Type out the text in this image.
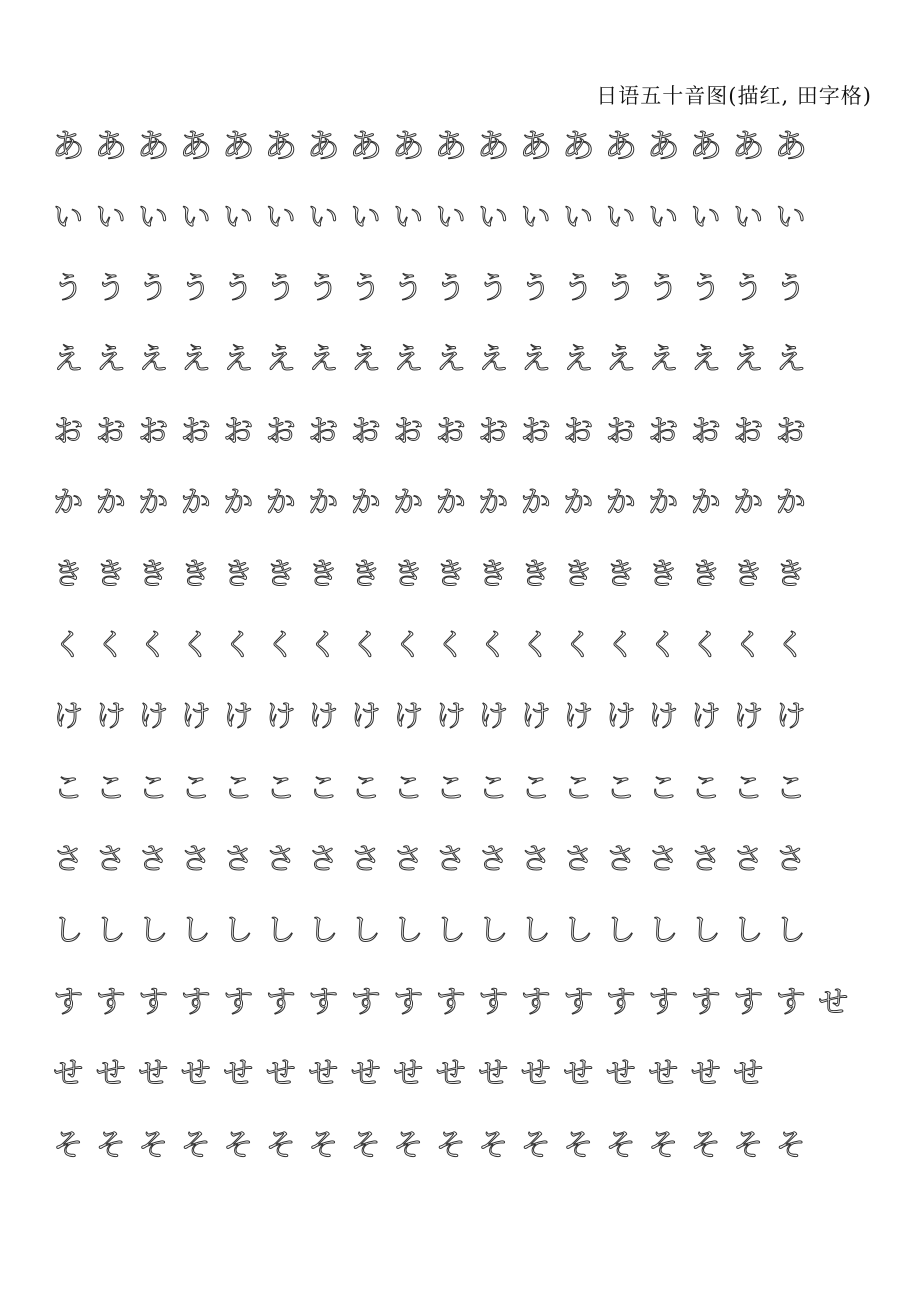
日语五十音图(描红, 田字格)
あ あ あ あ あ あ あ あ あ あ あ あ あ あ あ あ あ あ
い い い い い い い い い い い い い い い い い い
う う う う う う う う う う う う う う う う う う
え え え え え え え え え え え え え え え え え え
お お お お お お お お お お お お お お お お お お
か か か か か か か か か か か か か か か か か か
き き き き き き き き き き き き き き き き き き
く く く く く く く く く く く く く く く く く く
け け け け け け け け け け け け け け け け け け
こ こ こ こ こ こ こ こ こ こ こ こ こ こ こ こ こ こ
さ さ さ さ さ さ さ さ さ さ さ さ さ さ さ さ さ さ
し し し し し し し し し し し し し し し し し し
す す す す す す す す す す す す す す す す す す せ
せ せ せ せ せ せ せ せ せ せ せ せ せ せ せ せ せ
そ そ そ そ そ そ そ そ そ そ そ そ そ そ そ そ そ そ
